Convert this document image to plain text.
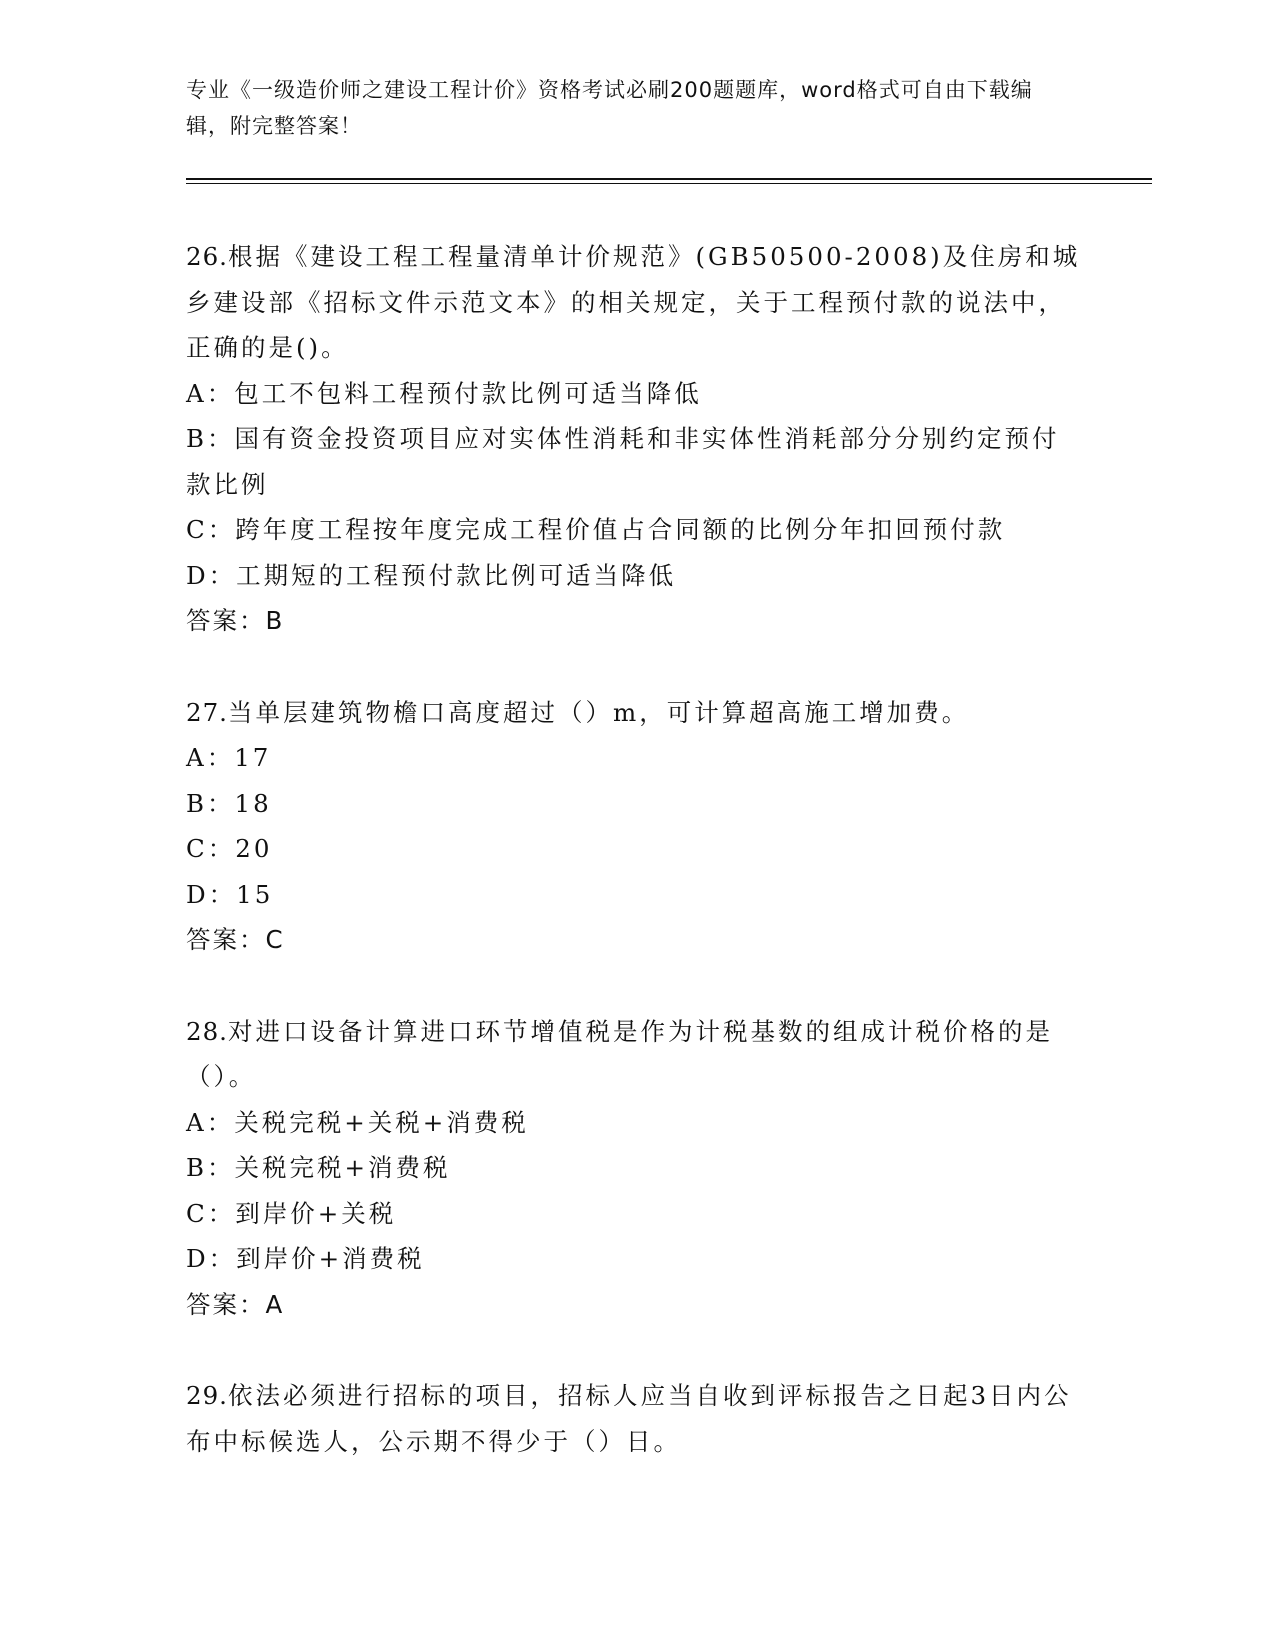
专业《一级造价师之建设工程计价》资格考试必刷200题题库，word格式可自由下载编辑，附完整答案！
26.根据《建设工程工程量清单计价规范》(GB50500-2008)及住房和城乡建设部《招标文件示范文本》的相关规定，关于工程预付款的说法中，正确的是()。
A：包工不包料工程预付款比例可适当降低
B：国有资金投资项目应对实体性消耗和非实体性消耗部分分别约定预付款比例
C：跨年度工程按年度完成工程价值占合同额的比例分年扣回预付款
D：工期短的工程预付款比例可适当降低
答案：B
27.当单层建筑物檐口高度超过（）m，可计算超高施工增加费。
A：17
B：18
C：20
D：15
答案：C
28.对进口设备计算进口环节增值税是作为计税基数的组成计税价格的是（）。
A：关税完税+关税+消费税
B：关税完税+消费税
C：到岸价+关税
D：到岸价+消费税
答案：A
29.依法必须进行招标的项目，招标人应当自收到评标报告之日起3日内公布中标候选人，公示期不得少于（）日。
